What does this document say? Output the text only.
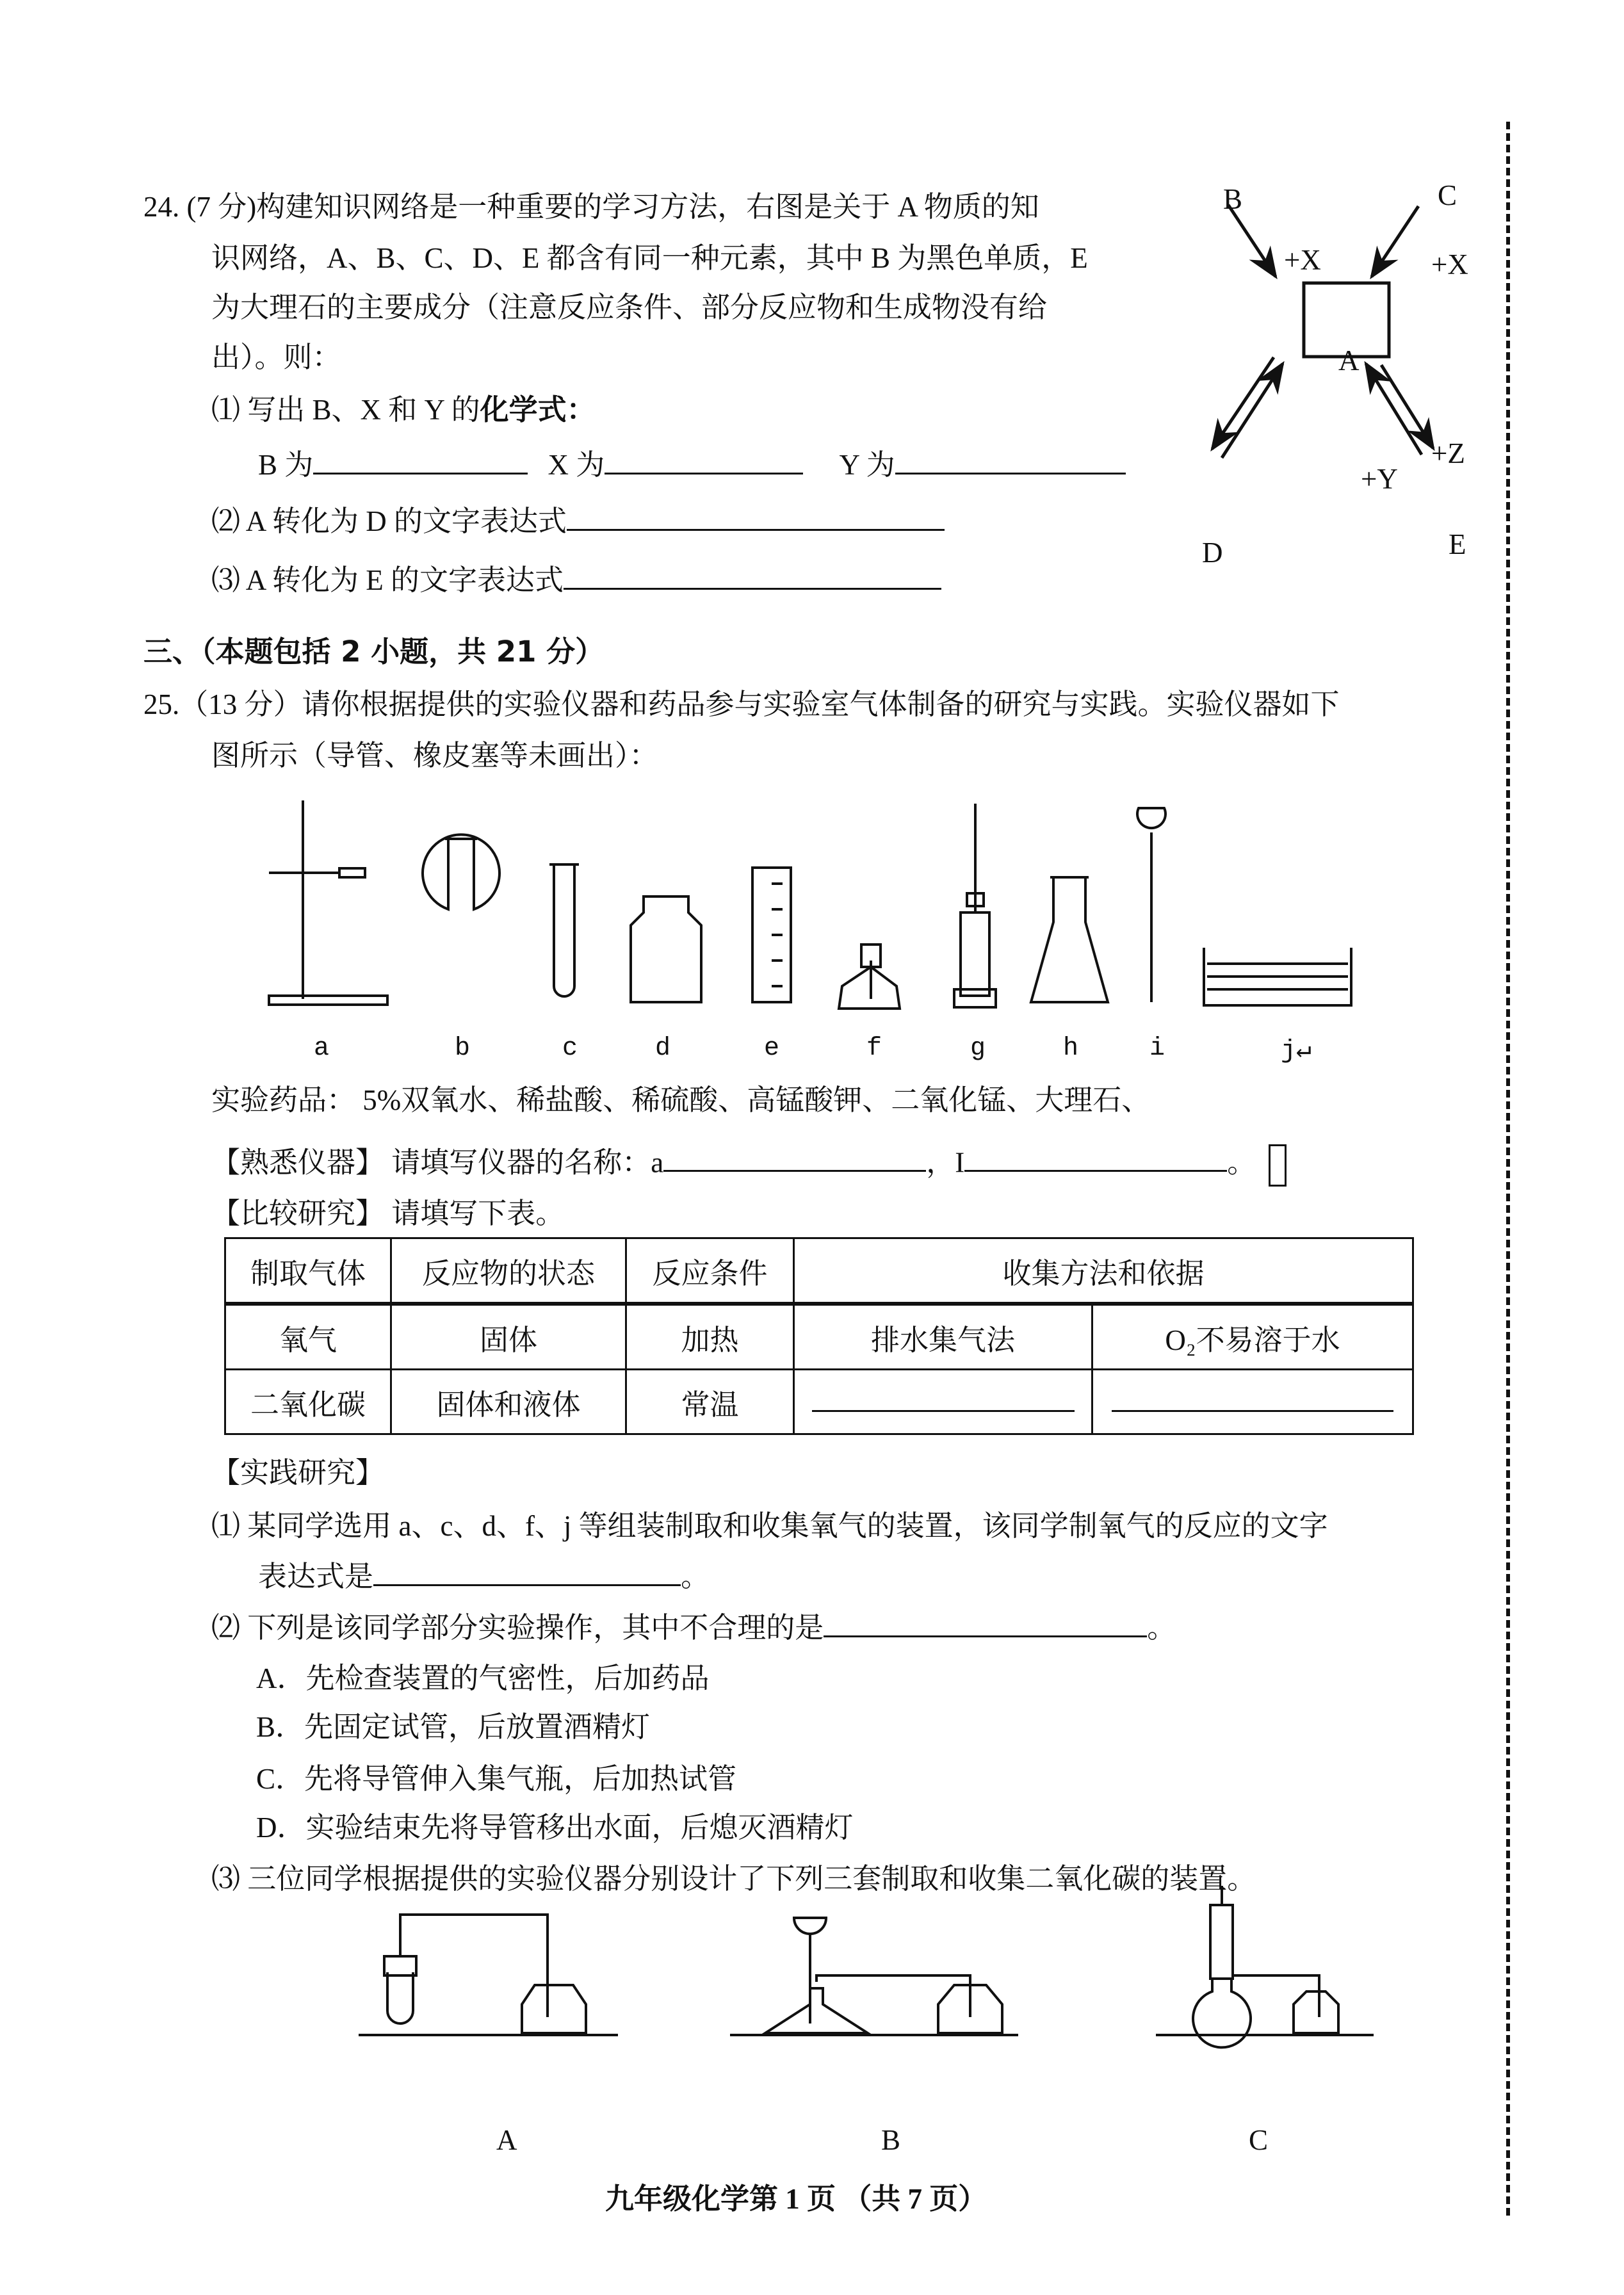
24. (7 分)构建知识网络是一种重要的学习方法，右图是关于 A 物质的知
识网络，A、B、C、D、E 都含有同一种元素，其中 B 为黑色单质，E
为大理石的主要成分（注意反应条件、部分反应物和生成物没有给
出）。则：
⑴ 写出 B、X 和 Y 的化学式：
B 为	X 为	Y 为
⑵ A 转化为 D 的文字表达式
⑶ A 转化为 E 的文字表达式
B	C
A
D	E
+X	+X
+Z
+Y
三、（本题包括 2 小题，共 21 分）
25.（13 分）请你根据提供的实验仪器和药品参与实验室气体制备的研究与实践。实验仪器如下
图所示（导管、橡皮塞等未画出）：
a	b	c	d	e	f	g	h	i	j↵
实验药品： 5%双氧水、稀盐酸、稀硫酸、高锰酸钾、二氧化锰、大理石、
【熟悉仪器】 请填写仪器的名称：a	，I	。
【比较研究】 请填写下表。
制取气体	反应物的状态	反应条件	收集方法和依据	
氧气	固体	加热	排水集气法	O₂不易溶于水
二氧化碳	固体和液体	常温		
【实践研究】
⑴ 某同学选用 a、c、d、f、j 等组装制取和收集氧气的装置，该同学制氧气的反应的文字
表达式是	。
⑵ 下列是该同学部分实验操作，其中不合理的是	。
A．先检查装置的气密性，后加药品
B．先固定试管，后放置酒精灯
C．先将导管伸入集气瓶，后加热试管
D．实验结束先将导管移出水面，后熄灭酒精灯
⑶ 三位同学根据提供的实验仪器分别设计了下列三套制取和收集二氧化碳的装置。
A	B	C
九年级化学第 1 页 （共 7 页）
